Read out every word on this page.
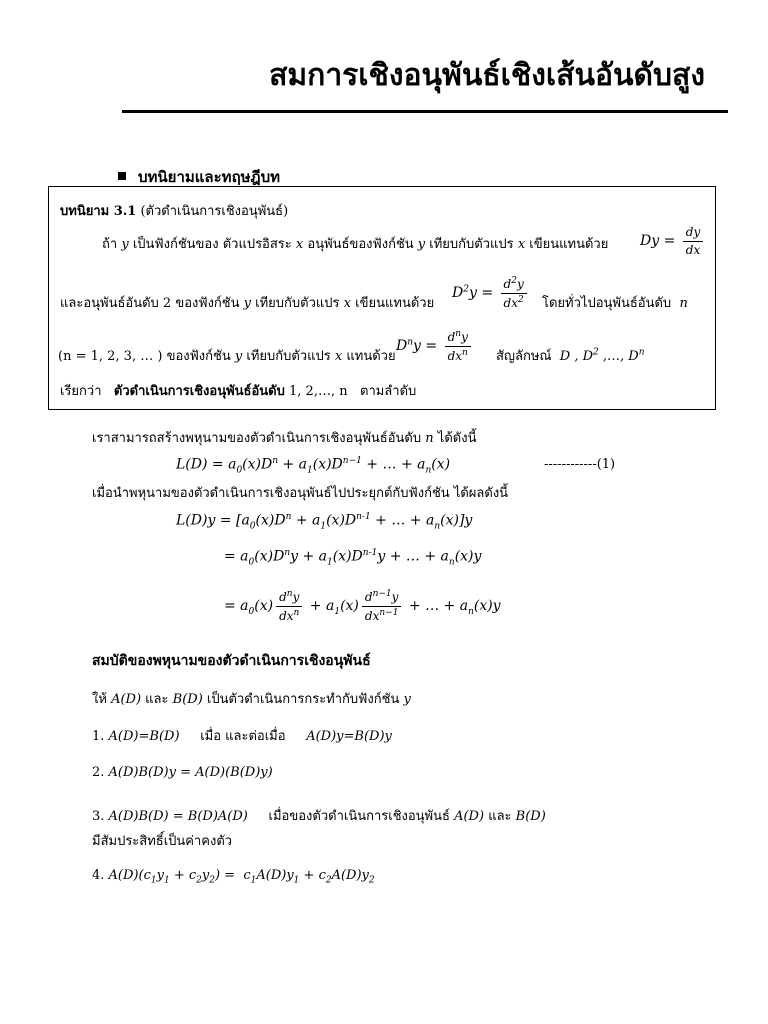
สมการเชิงอนุพันธ์เชิงเส้นอันดับสูง
บทนิยามและทฤษฎีบท
บทนิยาม 3.1 (ตัวดำเนินการเชิงอนุพันธ์)
ถ้า y เป็นฟังก์ชันของ ตัวแปรอิสระ x อนุพันธ์ของฟังก์ชัน y เทียบกับตัวแปร x เขียนแทนด้วย $Dy = \frac{dy}{dx}$
และอนุพันธ์อันดับ 2 ของฟังก์ชัน y เทียบกับตัวแปร x เขียนแทนด้วย
$D^2y = \frac{d^2y}{dx^2}$ โดยทั่วไปอนุพันธ์อันดับ  n
(n = 1, 2, 3, … ) ของฟังก์ชัน y เทียบกับตัวแปร x แทนด้วย
$D^ny = \frac{d^ny}{dx^n}$ สัญลักษณ์  D , $D^2$ ,…, $D^n$
เรียกว่า ตัวดำเนินการเชิงอนุพันธ์อันดับ 1, 2,…, n ตามลำดับ
เราสามารถสร้างพหุนามของตัวดำเนินการเชิงอนุพันธ์อันดับ n ได้ดังนี้
$L(D) = a_0(x)D^n + a_1(x)D^{n-1}$ + … + $a_n(x)$	------------(1)
เมื่อนำพหุนามของตัวดำเนินการเชิงอนุพันธ์ไปประยุกต์กับฟังก์ชัน ได้ผลดังนี้
$L(D)y = [a_0(x)D^n + a_1(x)D^{n-1}$ + … + $a_n(x)]y$
= $a_0(x)D^ny + a_1(x)D^{n-1}y$ + … + $a_n(x)y$
= $a_0(x) \frac{d^ny}{dx^n} + a_1(x) \frac{d^{n-1}y}{dx^{n-1}}$ + … + $a_n(x)y$
สมบัติของพหุนามของตัวดำเนินการเชิงอนุพันธ์
ให้ A(D) และ B(D) เป็นตัวดำเนินการกระทำกับฟังก์ชัน y
1. A(D)=B(D) เมื่อ และต่อเมื่อ A(D)y=B(D)y
2. A(D)B(D)y = A(D)(B(D)y)
3. A(D)B(D) = B(D)A(D) เมื่อของตัวดำเนินการเชิงอนุพันธ์ A(D) และ B(D)
มีสัมประสิทธิ์เป็นค่าคงตัว
4. $A(D)(c_1y_1 + c_2y_2) = c_1A(D)y_1 + c_2A(D)y_2$
